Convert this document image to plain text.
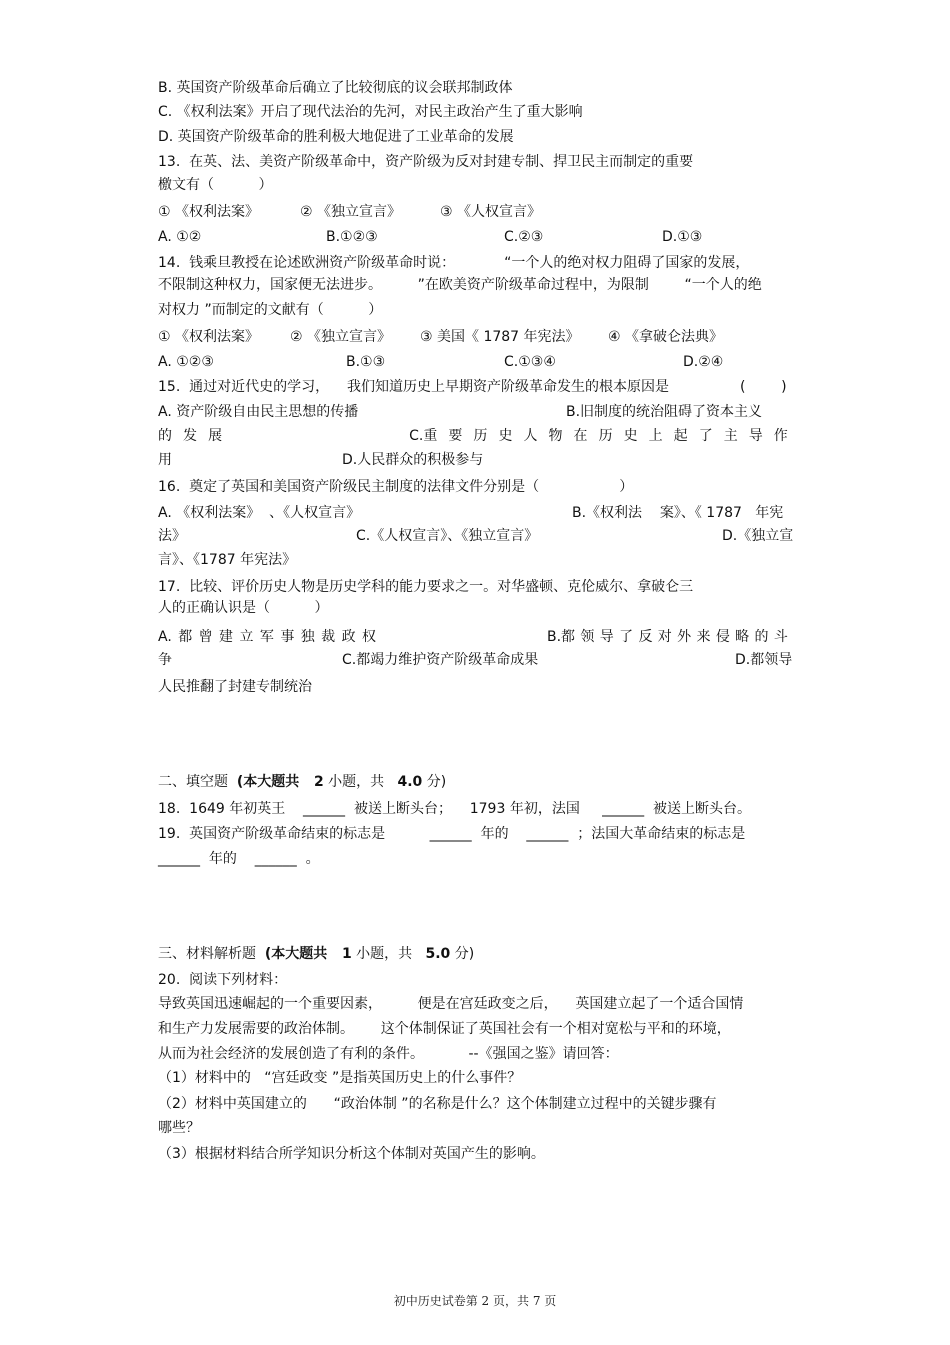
B. 英国资产阶级革命后确立了比较彻底的议会联邦制政体
C. 《权利法案》开启了现代法治的先河，对民主政治产生了重大影响
D. 英国资产阶级革命的胜利极大地促进了工业革命的发展
13.  在英、法、美资产阶级革命中，资产阶级为反对封建专制、捍卫民主而制定的重要
檄文有（          ）
① 《权利法案》	② 《独立宣言》	③ 《人权宣言》
A. ①②	B.①②③	C.②③	D.①③
14.  钱乘旦教授在论述欧洲资产阶级革命时说：           “一个人的绝对权力阻碍了国家的发展，
不限制这种权力，国家便无法进步。        ”在欧美资产阶级革命过程中，为限制        “一个人的绝
对权力 ”而制定的文献有（          ）
① 《权利法案》 ② 《独立宣言》 ③ 美国《 1787 年宪法》 ④ 《拿破仑法典》
A. ①②③	B.①③	C.①③④	D.②④
15.  通过对近代史的学习，    我们知道历史上早期资产阶级革命发生的根本原因是	(        )
A. 资产阶级自由民主思想的传播	B.旧制度的统治阻碍了资本主义
的 发 展	C.重 要 历 史 人 物 在 历 史 上 起 了 主 导 作
用	D.人民群众的积极参与
16.  奠定了英国和美国资产阶级民主制度的法律文件分别是（                  ）
A. 《权利法案》  、《人权宣言》	B.《权利法    案》、《 1787   年宪
法》	C.《人权宣言》、《独立宣言》	D.《独立宣
言》、《1787 年宪法》
17.  比较、评价历史人物是历史学科的能力要求之一。对华盛顿、克伦威尔、拿破仑三
人的正确认识是（          ）
A. 都 曾 建 立 军 事 独 裁 政 权	B.都 领 导 了 反 对 外 来 侵 略 的 斗
争	C.都竭力维护资产阶级革命成果	D.都领导
人民推翻了封建专制统治
二、填空题  (本大题共   2 小题，共   4.0 分)
18.  1649 年初英王    ______  被送上断头台；    1793 年初，法国     ______  被送上断头台。
19.  英国资产阶级革命结束的标志是          ______  年的    ______  ；法国大革命结束的标志是
______  年的    ______  。
三、材料解析题  (本大题共   1 小题，共   5.0 分)
20.  阅读下列材料：
导致英国迅速崛起的一个重要因素，        便是在宫廷政变之后，    英国建立起了一个适合国情
和生产力发展需要的政治体制。      这个体制保证了英国社会有一个相对宽松与平和的环境，
从而为社会经济的发展创造了有利的条件。          --《强国之鉴》请回答：
（1）材料中的   “宫廷政变 ”是指英国历史上的什么事件？
（2）材料中英国建立的      “政治体制 ”的名称是什么？这个体制建立过程中的关键步骤有
哪些？
（3）根据材料结合所学知识分析这个体制对英国产生的影响。
初中历史试卷第 2 页，共 7 页
